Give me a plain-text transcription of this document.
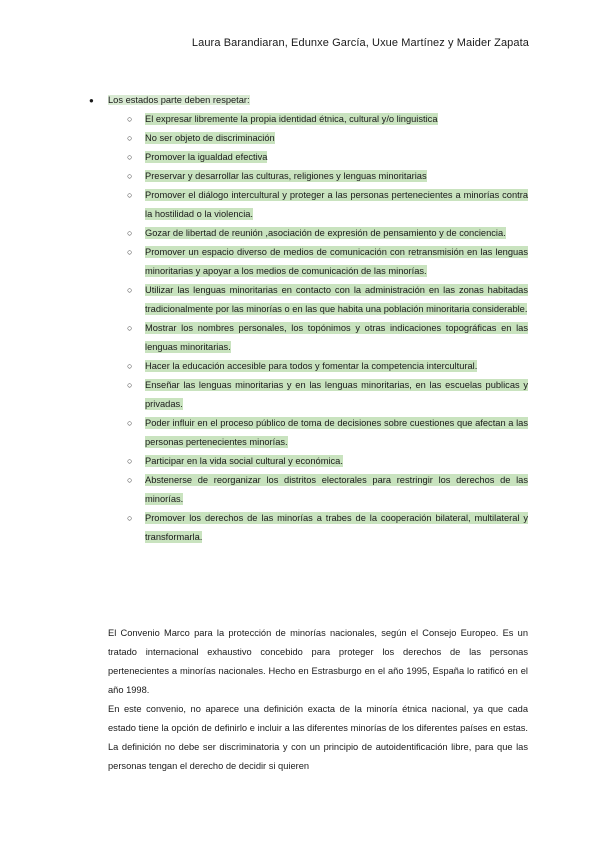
Laura Barandiaran, Edunxe García, Uxue Martínez y Maider Zapata
● Los estados parte deben respetar:
○ El expresar libremente la propia identidad étnica, cultural y/o linguistica
○ No ser objeto de discriminación
○ Promover la igualdad efectiva
○ Preservar y desarrollar las culturas, religiones y lenguas minoritarias
○ Promover el diálogo intercultural y proteger a las personas pertenecientes a minorías contra la hostilidad o la violencia.
○ Gozar de libertad de reunión ,asociación de expresión de pensamiento y de conciencia.
○ Promover un espacio diverso de medios de comunicación con retransmisión en las lenguas minoritarias y apoyar a los medios de comunicación de las minorías.
○ Utilizar las lenguas minoritarias en contacto con la administración en las zonas habitadas tradicionalmente por las minorías o en las que habita una población minoritaria considerable.
○ Mostrar los nombres personales, los topónimos y otras indicaciones topográficas en las lenguas minoritarias.
○ Hacer la educación accesible para todos y fomentar la competencia intercultural.
○ Enseñar las lenguas minoritarias y en las lenguas minoritarias, en las escuelas publicas y privadas.
○ Poder influir en el proceso público de toma de decisiones sobre cuestiones que afectan a las personas pertenecientes minorías.
○ Participar en la vida social cultural y económica.
○ Abstenerse de reorganizar los distritos electorales para restringir los derechos de las minorías.
○ Promover los derechos de las minorías a trabes de la cooperación bilateral, multilateral y transformarla.

El Convenio Marco para la protección de minorías nacionales, según el Consejo Europeo. Es un tratado internacional exhaustivo concebido para proteger los derechos de las personas pertenecientes a minorías nacionales. Hecho en Estrasburgo en el año 1995, España lo ratificó en el año 1998.

En este convenio, no aparece una definición exacta de la minoría étnica nacional, ya que cada estado tiene la opción de definirlo e incluir a las diferentes minorías de los diferentes países en estas. La definición no debe ser discriminatoria y con un principio de autoidentificación libre, para que las personas tengan el derecho de decidir si quieren
